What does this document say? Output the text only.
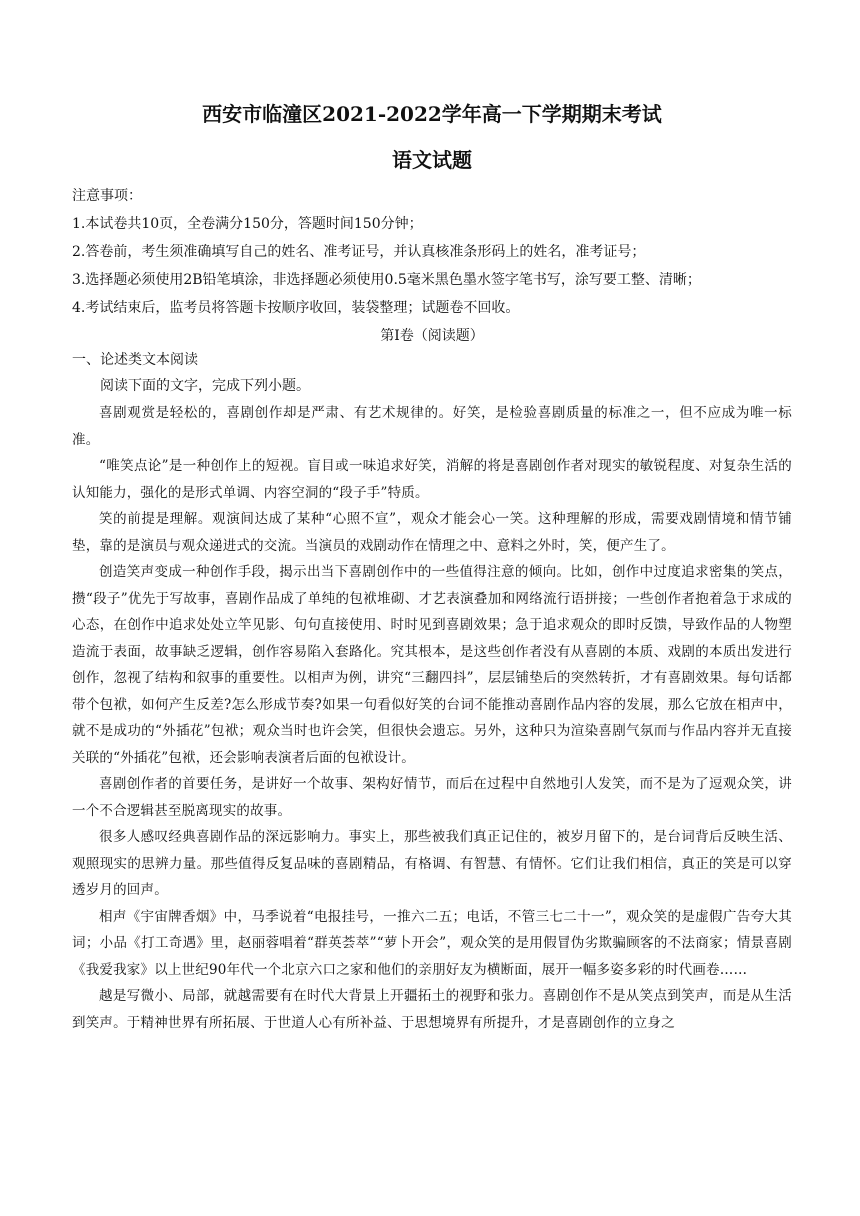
西安市临潼区2021-2022学年高一下学期期末考试
语文试题
注意事项：

1.本试卷共10页，全卷满分150分，答题时间150分钟；

2.答卷前，考生须准确填写自己的姓名、准考证号，并认真核准条形码上的姓名，准考证号；

3.选择题必须使用2B铅笔填涂，非选择题必须使用0.5毫米黑色墨水签字笔书写，涂写要工整、清晰；

4.考试结束后，监考员将答题卡按顺序收回，装袋整理；试题卷不回收。

第Ⅰ卷（阅读题）
一、论述类文本阅读

阅读下面的文字，完成下列小题。

喜剧观赏是轻松的，喜剧创作却是严肃、有艺术规律的。好笑，是检验喜剧质量的标准之一，但不应成为唯一标准。

“唯笑点论”是一种创作上的短视。盲目或一味追求好笑，消解的将是喜剧创作者对现实的敏锐程度、对复杂生活的认知能力，强化的是形式单调、内容空洞的“段子手”特质。

笑的前提是理解。观演间达成了某种“心照不宣”，观众才能会心一笑。这种理解的形成，需要戏剧情境和情节铺垫，靠的是演员与观众递进式的交流。当演员的戏剧动作在情理之中、意料之外时，笑，便产生了。

创造笑声变成一种创作手段，揭示出当下喜剧创作中的一些值得注意的倾向。比如，创作中过度追求密集的笑点，攒“段子”优先于写故事，喜剧作品成了单纯的包袱堆砌、才艺表演叠加和网络流行语拼接；一些创作者抱着急于求成的心态，在创作中追求处处立竿见影、句句直接使用、时时见到喜剧效果；急于追求观众的即时反馈，导致作品的人物塑造流于表面，故事缺乏逻辑，创作容易陷入套路化。究其根本，是这些创作者没有从喜剧的本质、戏剧的本质出发进行创作，忽视了结构和叙事的重要性。以相声为例，讲究“三翻四抖”，层层铺垫后的突然转折，才有喜剧效果。每句话都带个包袱，如何产生反差?怎么形成节奏?如果一句看似好笑的台词不能推动喜剧作品内容的发展，那么它放在相声中，就不是成功的“外插花”包袱；观众当时也许会笑，但很快会遗忘。另外，这种只为渲染喜剧气氛而与作品内容并无直接关联的“外插花”包袱，还会影响表演者后面的包袱设计。

喜剧创作者的首要任务，是讲好一个故事、架构好情节，而后在过程中自然地引人发笑，而不是为了逗观众笑，讲一个不合逻辑甚至脱离现实的故事。

很多人感叹经典喜剧作品的深远影响力。事实上，那些被我们真正记住的，被岁月留下的，是台词背后反映生活、观照现实的思辨力量。那些值得反复品味的喜剧精品，有格调、有智慧、有情怀。它们让我们相信，真正的笑是可以穿透岁月的回声。

相声《宇宙牌香烟》中，马季说着“电报挂号，一推六二五；电话，不管三七二十一”，观众笑的是虚假广告夸大其词；小品《打工奇遇》里，赵丽蓉唱着“群英荟萃”“萝卜开会”，观众笑的是用假冒伪劣欺骗顾客的不法商家；情景喜剧《我爱我家》以上世纪90年代一个北京六口之家和他们的亲朋好友为横断面，展开一幅多姿多彩的时代画卷……

越是写微小、局部，就越需要有在时代大背景上开疆拓土的视野和张力。喜剧创作不是从笑点到笑声，而是从生活到笑声。于精神世界有所拓展、于世道人心有所补益、于思想境界有所提升，才是喜剧创作的立身之
